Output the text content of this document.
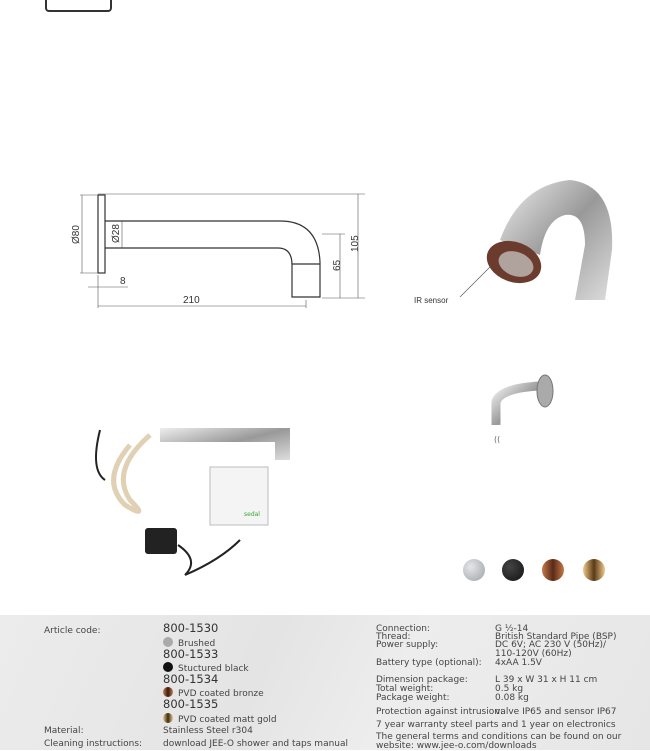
Ø80	Ø28
8
210
65
105
((
sedal
IR sensor
Article code:	800-1530
Brushed
800-1533
Stuctured black
800-1534
PVD coated bronze
800-1535
PVD coated matt gold
Material:	Stainless Steel r304
Cleaning instructions: download JEE-O shower and taps manual
Connection:	G ½-14
Thread:	British Standard Pipe (BSP)
Power supply:	DC 6V; AC 230 V (50Hz)/
110-120V (60Hz)
Battery type (optional): 4xAA 1.5V
Dimension package:	L 39 x W 31 x H 11 cm
Total weight:	0.5 kg
Package weight:	0.08 kg
Protection against intrusion:
valve IP65 and sensor IP67
7 year warranty steel parts and 1 year on electronics
The general terms and conditions can be found on our
website: www.jee-o.com/downloads
